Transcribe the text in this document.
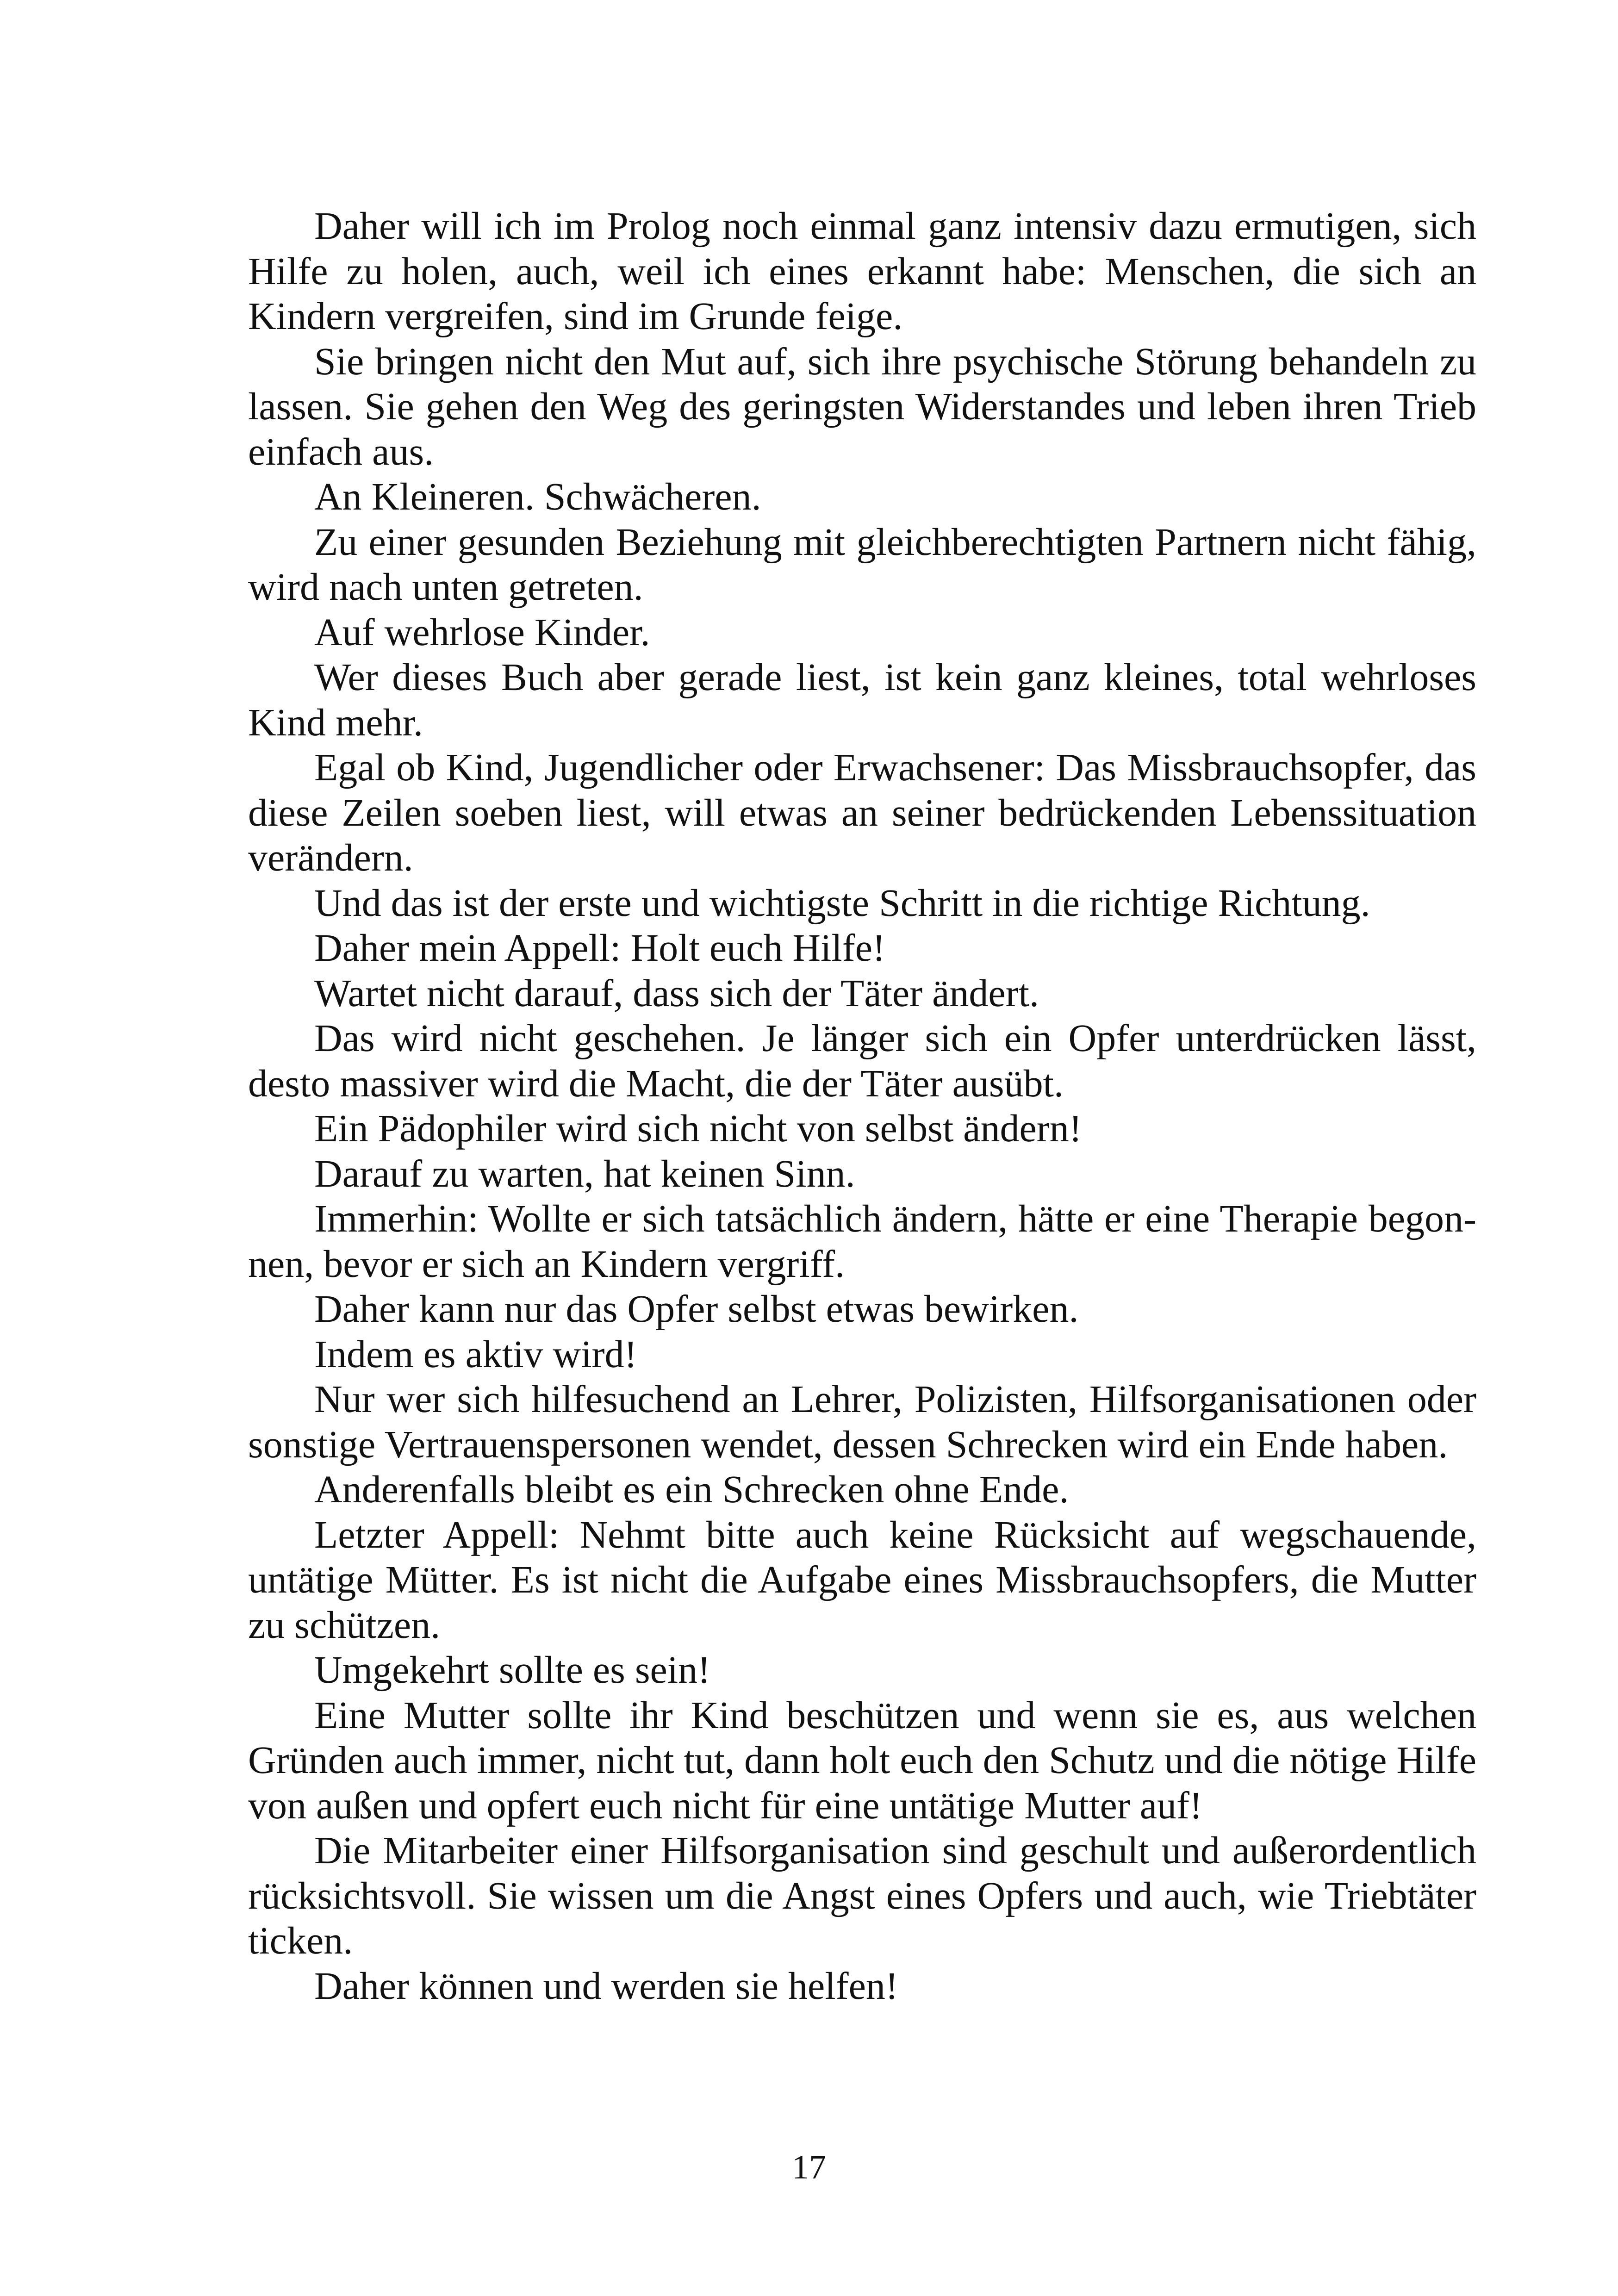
Daher will ich im Prolog noch einmal ganz intensiv dazu ermutigen, sich Hilfe zu holen, auch, weil ich eines erkannt habe: Menschen, die sich an Kindern vergreifen, sind im Grunde feige.

Sie bringen nicht den Mut auf, sich ihre psychische Störung behandeln zu lassen. Sie gehen den Weg des geringsten Widerstandes und leben ihren Trieb einfach aus.

An Kleineren. Schwächeren.

Zu einer gesunden Beziehung mit gleichberechtigten Partnern nicht fähig, wird nach unten getreten.

Auf wehrlose Kinder.

Wer dieses Buch aber gerade liest, ist kein ganz kleines, total wehrloses Kind mehr.

Egal ob Kind, Jugendlicher oder Erwachsener: Das Missbrauchsopfer, das diese Zeilen soeben liest, will etwas an seiner bedrückenden Lebenssituation verändern.

Und das ist der erste und wichtigste Schritt in die richtige Richtung.

Daher mein Appell: Holt euch Hilfe!

Wartet nicht darauf, dass sich der Täter ändert.

Das wird nicht geschehen. Je länger sich ein Opfer unterdrücken lässt, desto massiver wird die Macht, die der Täter ausübt.

Ein Pädophiler wird sich nicht von selbst ändern!

Darauf zu warten, hat keinen Sinn.

Immerhin: Wollte er sich tatsächlich ändern, hätte er eine Therapie begonnen, bevor er sich an Kindern vergriff.

Daher kann nur das Opfer selbst etwas bewirken.

Indem es aktiv wird!

Nur wer sich hilfesuchend an Lehrer, Polizisten, Hilfsorganisationen oder sonstige Vertrauenspersonen wendet, dessen Schrecken wird ein Ende haben.

Anderenfalls bleibt es ein Schrecken ohne Ende.

Letzter Appell: Nehmt bitte auch keine Rücksicht auf wegschauende, untätige Mütter. Es ist nicht die Aufgabe eines Missbrauchsopfers, die Mutter zu schützen.

Umgekehrt sollte es sein!

Eine Mutter sollte ihr Kind beschützen und wenn sie es, aus welchen Gründen auch immer, nicht tut, dann holt euch den Schutz und die nötige Hilfe von außen und opfert euch nicht für eine untätige Mutter auf!

Die Mitarbeiter einer Hilfsorganisation sind geschult und außerordentlich rücksichtsvoll. Sie wissen um die Angst eines Opfers und auch, wie Triebtäter ticken.

Daher können und werden sie helfen!

17
